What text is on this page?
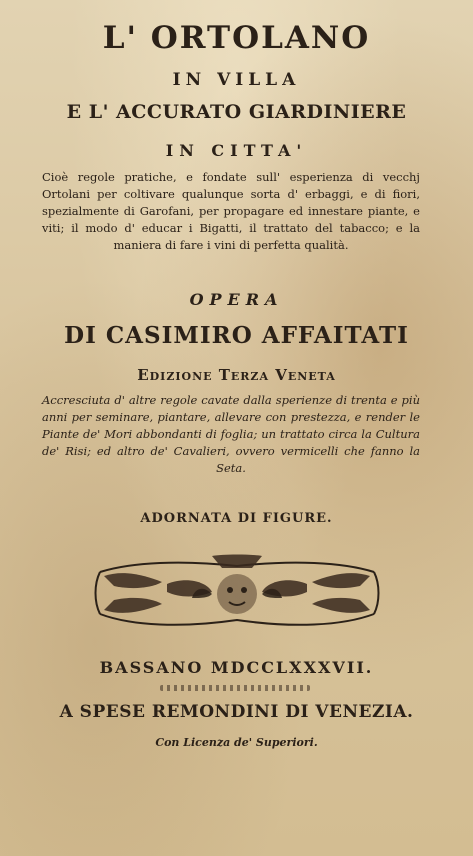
L' ORTOLANO
IN VILLA
E L' ACCURATO GIARDINIERE
IN CITTA'
Cioè regole pratiche, e fondate sull' esperienza di vecchj Ortolani per coltivare qualunque sorta d' erbaggi, e di fiori, spezialmente di Garofani, per propagare ed innestare piante, e viti; il modo d' educar i Bigatti, il trattato del tabacco; e la maniera di fare i vini di perfetta qualità.
OPERA
DI CASIMIRO AFFAITATI
Edizione Terza Veneta
Accresciuta d' altre regole cavate dalla sperienze di trenta e più anni per seminare, piantare, allevare con prestezza, e render le Piante de' Mori abbondanti di foglia; un trattato circa la Cultura de' Risi; ed altro de' Cavalieri, ovvero vermicelli che fanno la Seta.
ADORNATA DI FIGURE.
BASSANO MDCCLXXXVII.
A SPESE REMONDINI DI VENEZIA.
Con Licenza de' Superiori.
